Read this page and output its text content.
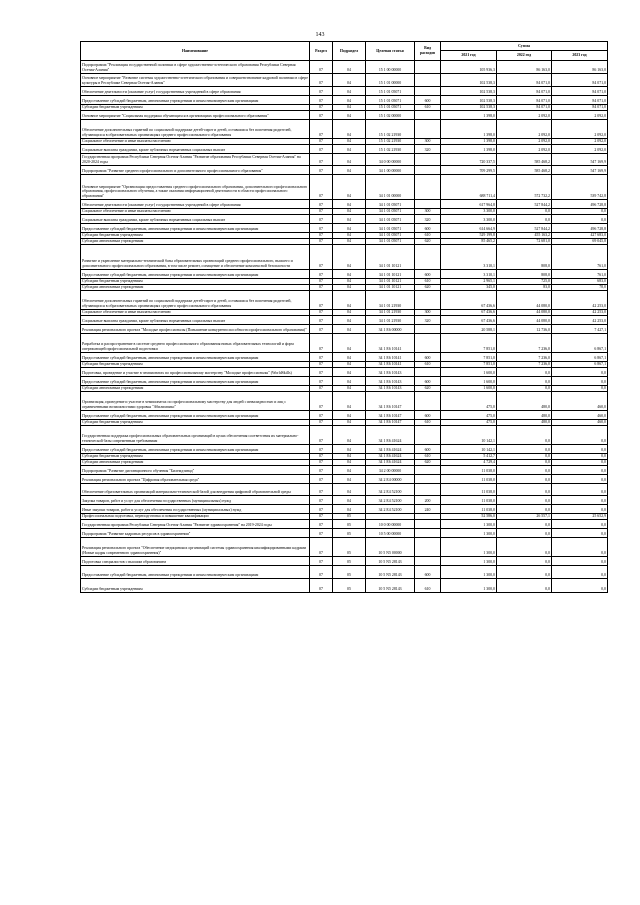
143
Наименование	Раздел	Подраздел	Целевая статья	Вид расходов	Сумма		
					2021 год	2022 год	2023 год
Подпрограмма "Реализация государственной политики в сфере художественно-эстетического образования Республики Северная Осетия-Алания"	07	04	15 1 00 00000		105 936,3	86 163,0	86 163,0
Основное мероприятие "Развитие системы художественно-эстетического образования и совершенствование кадровой политики в сфере культуры в Республике Северная Осетия-Алания"	07	04	15 1 01 00000		102 538,3	84 071,0	84 071,0
Обеспечение деятельности (оказание услуг) государственных учреждений в сфере образования	07	04	15 1 01 05071		102 538,3	84 071,0	84 071,0
Предоставление субсидий бюджетным, автономным учреждениям и иным некоммерческим организациям	07	04	15 1 01 05071	600	102 538,3	84 071,0	84 071,0
Субсидии бюджетным учреждениям	07	04	15 1 01 05071	610	102 538,3	84 071,0	84 071,0
Основное мероприятие "Социальная поддержка обучающихся в организациях профессионального образования"	07	04	15 1 02 00000		1 398,0	2 092,0	2 092,0
Обеспечение дополнительных гарантий по социальной поддержке детей-сирот и детей, оставшихся без попечения родителей, обучающихся в образовательных организациях среднего профессионального образования	07	04	15 1 02 21930		1 398,0	2 092,0	2 092,0
Социальное обеспечение и иные выплаты населению	07	04	15 1 02 21930	300	1 398,0	2 092,0	2 092,0
Социальные выплаты гражданам, кроме публичных нормативных социальных выплат	07	04	15 1 02 21930	320	1 398,0	2 092,0	2 092,0
Государственная программа Республики Северная Осетия-Алания "Развитие образования Республики Северная Осетия-Алания" на 2020-2024 годы	07	04	34 0 00 00000		720 337,5	585 468,2	547 169,9
Подпрограмма "Развитие среднего профессионального и дополнительного профессионального образования"	07	04	34 1 00 00000		709 299,5	585 468,2	547 169,9
Основное мероприятие "Организация предоставления среднего профессионального образования, дополнительного профессионального образования, профессионального обучения, а также оказания информационной деятельности в области профессионального образования"	07	04	34 1 01 00000		688 711,4	572 732,2	539 742,8
Обеспечение деятельности (оказание услуг) государственных учреждений в сфере образования	07	04	34 1 01 05071		617 964,8	527 844,2	496 728,8
Социальное обеспечение и иные выплаты населению	07	04	34 1 01 05071	300	3 300,0	0,0	0,0
Социальные выплаты гражданам, кроме публичных нормативных социальных выплат	07	04	34 1 01 05071	320	3 300,0	0,0	0,0
Предоставление субсидий бюджетным, автономным учреждениям и иным некоммерческим организациям	07	04	34 1 01 05071	600	614 664,9	527 844,2	496 728,8
Субсидии бюджетным учреждениям	07	04	34 1 01 05071	610	529 199,8	455 163,2	427 683,0
Субсидии автономным учреждениям	07	04	34 1 01 05071	620	85 465,2	72 681,0	69 045,8
Развитие и укрепление материально-технической базы образовательных организаций среднего профессионального, высшего и дополнительного профессионального образования, в том числе ремонт, оснащение и обеспечение комплексной безопасности	07	04	34 1 01 10121		3 310,1	808,0	761,0
Предоставление субсидий бюджетным, автономным учреждениям и иным некоммерческим организациям	07	04	34 1 01 10121	600	3 310,1	808,0	761,0
Субсидии бюджетным учреждениям	07	04	34 1 01 10121	610	2 965,1	725,0	683,0
Субсидии автономным учреждениям	07	04	34 1 01 10121	620	345,0	83,0	78,0
Обеспечение дополнительных гарантий по социальной поддержке детей-сирот и детей, оставшихся без попечения родителей, обучающихся в образовательных организациях среднего профессионального образования	07	04	34 1 01 21930		67 436,6	44 080,0	42 253,0
Социальное обеспечение и иные выплаты населению	07	04	34 1 01 21930	300	67 436,6	44 080,0	42 253,0
Социальные выплаты гражданам, кроме публичных нормативных социальных выплат	07	04	34 1 01 21930	320	67 436,6	44 080,0	42 253,0
Реализация регионального проекта "Молодые профессионалы (Повышение конкурентоспособности профессионального образования)"	07	04	34 1 E6 00000		20 588,1	12 736,0	7 427,1
Разработка и распространение в системе среднего профессионального образования новых образовательных технологий и форм опережающей профессиональной подготовки	07	04	34 1 E6 10141		7 851,0	7 236,0	6 867,1
Предоставление субсидий бюджетным, автономным учреждениям и иным некоммерческим организациям	07	04	34 1 E6 10141	600	7 851,0	7 236,0	6 867,1
Субсидии бюджетным учреждениям	07	04	34 1 E6 10141	610	7 851,0	7 236,0	6 867,1
Подготовка, проведение и участие в чемпионатах по профессиональному мастерству "Молодые профессионалы" (WorldSkills)	07	04	34 1 E6 10143		1 600,0	0,0	0,0
Предоставление субсидий бюджетным, автономным учреждениям и иным некоммерческим организациям	07	04	34 1 E6 10143	600	1 600,0	0,0	0,0
Субсидии автономным учреждениям	07	04	34 1 E6 10143	620	1 600,0	0,0	0,0
Организация, проведение и участие в чемпионатах по профессиональному мастерству для людей с инвалидностью и лиц с ограниченными возможностями здоровья "Абилимпикс"	07	04	34 1 E6 10147		475,0	480,0	460,0
Предоставление субсидий бюджетным, автономным учреждениям и иным некоммерческим организациям	07	04	34 1 E6 10147	600	475,0	480,0	460,0
Субсидии бюджетным учреждениям	07	04	34 1 E6 10147	610	475,0	480,0	460,0
Государственная поддержка профессиональных образовательных организаций в целях обеспечения соответствия их материально-технической базы современным требованиям	07	04	34 1 E6 41624		10 142,1	0,0	0,0
Предоставление субсидий бюджетным, автономным учреждениям и иным некоммерческим организациям	07	04	34 1 E6 41624	600	10 142,1	0,0	0,0
Субсидии бюджетным учреждениям	07	04	34 1 E6 41624	610	5 412,7	0,0	0,0
Субсидии автономным учреждениям	07	04	34 1 E6 41624	620	4 729,4	0,0	0,0
Подпрограмма "Развитие дистанционного обучения "Билемдзинад"	07	04	34 2 00 00000		11 038,0	0,0	0,0
Реализация регионального проекта "Цифровая образовательная среда"	07	04	34 2 E4 00000		11 038,0	0,0	0,0
Обеспечение образовательных организаций материально-технической базой для внедрения цифровой образовательной среды	07	04	34 2 E4 52100		11 038,0	0,0	0,0
Закупка товаров, работ и услуг для обеспечения государственных (муниципальных) нужд	07	04	34 2 E4 52100	200	11 038,0	0,0	0,0
Иные закупки товаров, работ и услуг для обеспечения государственных (муниципальных) нужд	07	04	34 2 E4 52100	240	11 038,0	0,0	0,0
Профессиональная подготовка, переподготовка и повышение квалификации	07	05			52 586,0	26 557,1	25 652,9
Государственная программа Республики Северная Осетия-Алания "Развитие здравоохранения" на 2019-2024 годы	07	05	10 0 00 00000		1 300,0	0,0	0,0
Подпрограмма "Развитие кадровых ресурсов в здравоохранении"	07	05	10 5 00 00000		1 300,0	0,0	0,0
Реализация регионального проекта "Обеспечение медицинских организаций системы здравоохранения квалифицированными кадрами (Новые кадры современного здравоохранения)"	07	05	10 5 N5 00000		1 300,0	0,0	0,0
Подготовка специалистов с высшим образованием	07	05	10 5 N5 28143		1 300,0	0,0	0,0
Предоставление субсидий бюджетным, автономным учреждениям и иным некоммерческим организациям	07	05	10 5 N5 28143	600	1 300,0	0,0	0,0
Субсидии бюджетным учреждениям	07	05	10 5 N5 28143	610	1 300,0	0,0	0,0
